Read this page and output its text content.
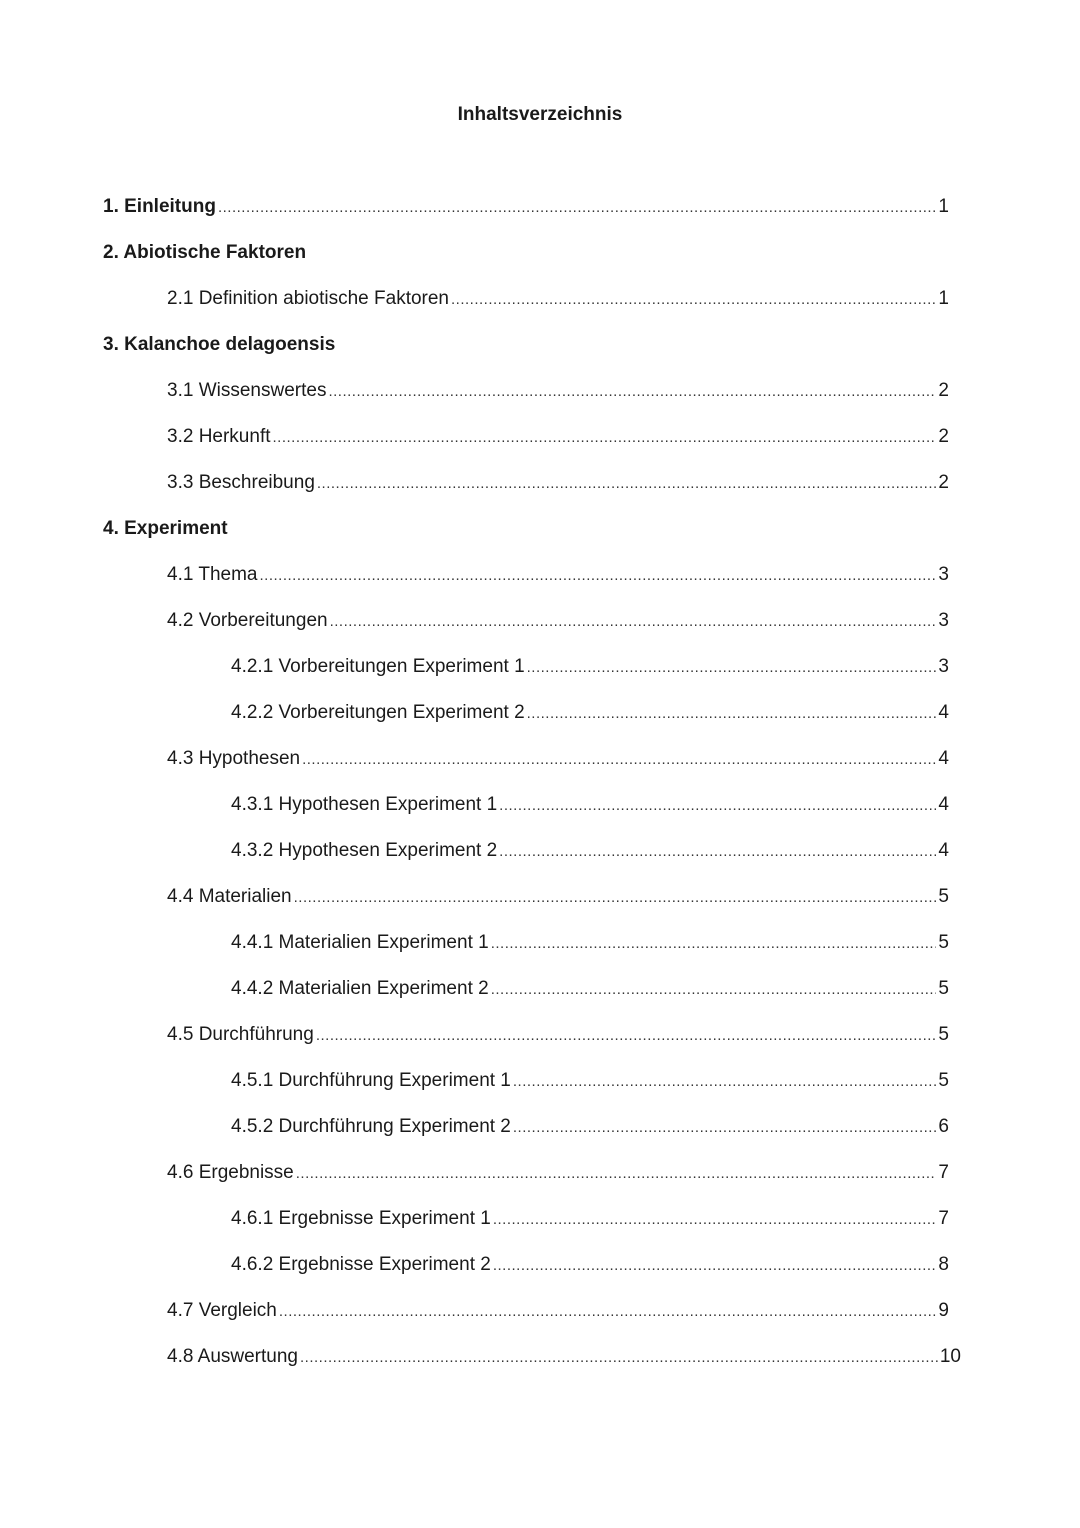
Inhaltsverzeichnis
1. Einleitung .....	1
2. Abiotische Faktoren
2.1 Definition abiotische Faktoren .....	1
3. Kalanchoe delagoensis
3.1 Wissenswertes .....	2
3.2 Herkunft .....	2
3.3 Beschreibung .....	2
4. Experiment
4.1 Thema .....	3
4.2 Vorbereitungen .....	3
4.2.1 Vorbereitungen Experiment 1 .....	3
4.2.2 Vorbereitungen Experiment 2 .....	4
4.3 Hypothesen .....	4
4.3.1 Hypothesen Experiment 1 .....	4
4.3.2 Hypothesen Experiment 2 .....	4
4.4 Materialien .....	5
4.4.1 Materialien Experiment 1 .....	5
4.4.2 Materialien Experiment 2 .....	5
4.5 Durchführung .....	5
4.5.1 Durchführung Experiment 1 .....	5
4.5.2 Durchführung Experiment 2 .....	6
4.6 Ergebnisse .....	7
4.6.1 Ergebnisse Experiment 1 .....	7
4.6.2 Ergebnisse Experiment 2 .....	8
4.7 Vergleich .....	9
4.8 Auswertung .....	10
